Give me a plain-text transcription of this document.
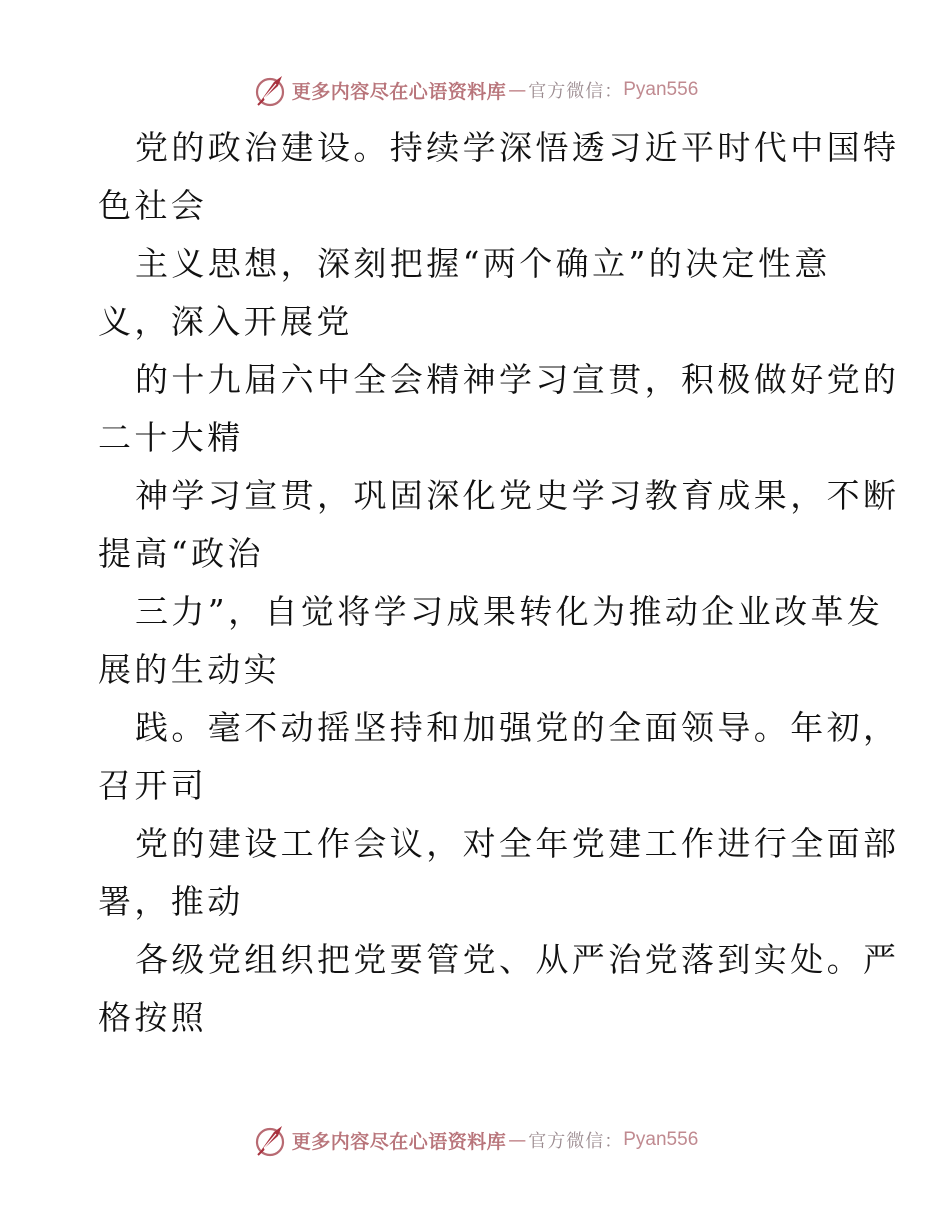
更多内容尽在心语资料库 — 官方微信： Pyan556
党的政治建设。持续学深悟透习近平时代中国特
色社会
主义思想，深刻把握“两个确立”的决定性意
义，深入开展党
的十九届六中全会精神学习宣贯，积极做好党的
二十大精
神学习宣贯，巩固深化党史学习教育成果，不断
提高“政治
三力”，自觉将学习成果转化为推动企业改革发
展的生动实
践。毫不动摇坚持和加强党的全面领导。年初，
召开司
党的建设工作会议，对全年党建工作进行全面部
署，推动
各级党组织把党要管党、从严治党落到实处。严
格按照
更多内容尽在心语资料库 — 官方微信： Pyan556
